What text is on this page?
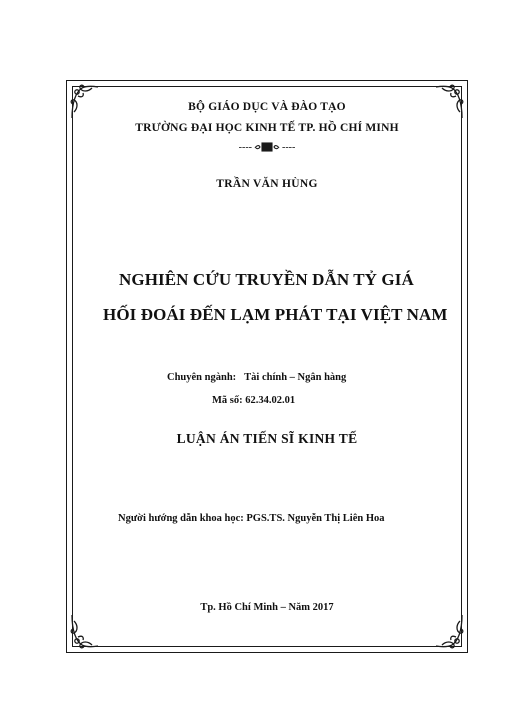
BỘ GIÁO DỤC VÀ ĐÀO TẠO
TRƯỜNG ĐẠI HỌC KINH TẾ TP. HỒ CHÍ MINH
----	----
TRẦN VĂN HÙNG
NGHIÊN CỨU TRUYỀN DẪN TỶ GIÁ
HỐI ĐOÁI ĐẾN LẠM PHÁT TẠI VIỆT NAM
Chuyên ngành: Tài chính – Ngân hàng
Mã số: 62.34.02.01
LUẬN ÁN TIẾN SĨ KINH TẾ
Người hướng dẫn khoa học: PGS.TS. Nguyễn Thị Liên Hoa
Tp. Hồ Chí Minh – Năm 2017
